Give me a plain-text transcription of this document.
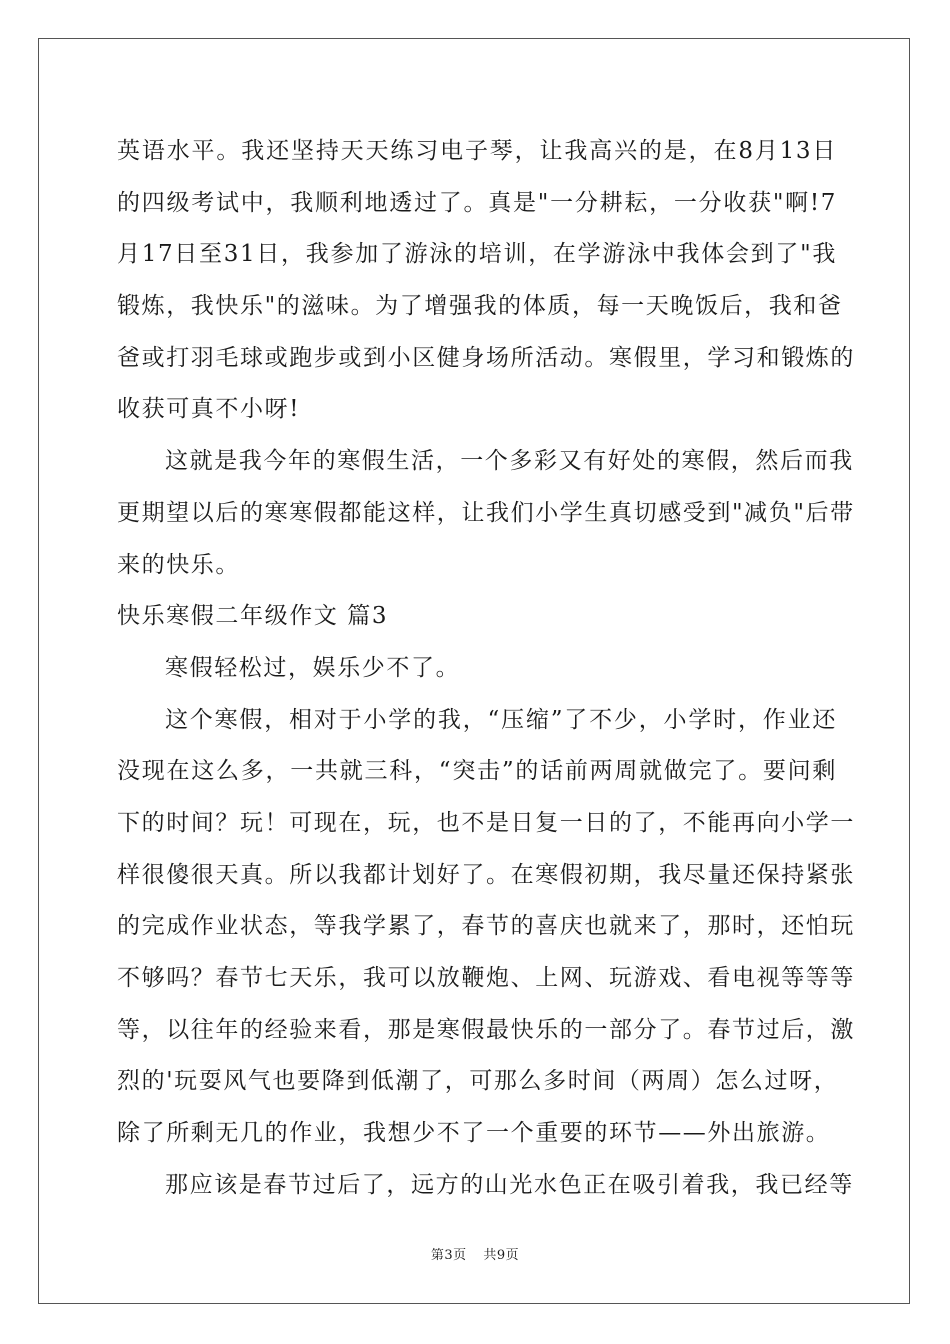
英语水平。我还坚持天天练习电子琴，让我高兴的是，在8月13日
的四级考试中，我顺利地透过了。真是"一分耕耘，一分收获"啊!7
月17日至31日，我参加了游泳的培训，在学游泳中我体会到了"我
锻炼，我快乐"的滋味。为了增强我的体质，每一天晚饭后，我和爸
爸或打羽毛球或跑步或到小区健身场所活动。寒假里，学习和锻炼的
收获可真不小呀!
这就是我今年的寒假生活，一个多彩又有好处的寒假，然后而我
更期望以后的寒寒假都能这样，让我们小学生真切感受到"减负"后带
来的快乐。
快乐寒假二年级作文 篇3
寒假轻松过，娱乐少不了。
这个寒假，相对于小学的我，“压缩”了不少，小学时，作业还
没现在这么多，一共就三科，“突击”的话前两周就做完了。要问剩
下的时间？玩！可现在，玩，也不是日复一日的了，不能再向小学一
样很傻很天真。所以我都计划好了。在寒假初期，我尽量还保持紧张
的完成作业状态，等我学累了，春节的喜庆也就来了，那时，还怕玩
不够吗？春节七天乐，我可以放鞭炮、上网、玩游戏、看电视等等等
等，以往年的经验来看，那是寒假最快乐的一部分了。春节过后，激
烈的'玩耍风气也要降到低潮了，可那么多时间（两周）怎么过呀，
除了所剩无几的作业，我想少不了一个重要的环节——外出旅游。
那应该是春节过后了，远方的山光水色正在吸引着我，我已经等
第3页 共9页
